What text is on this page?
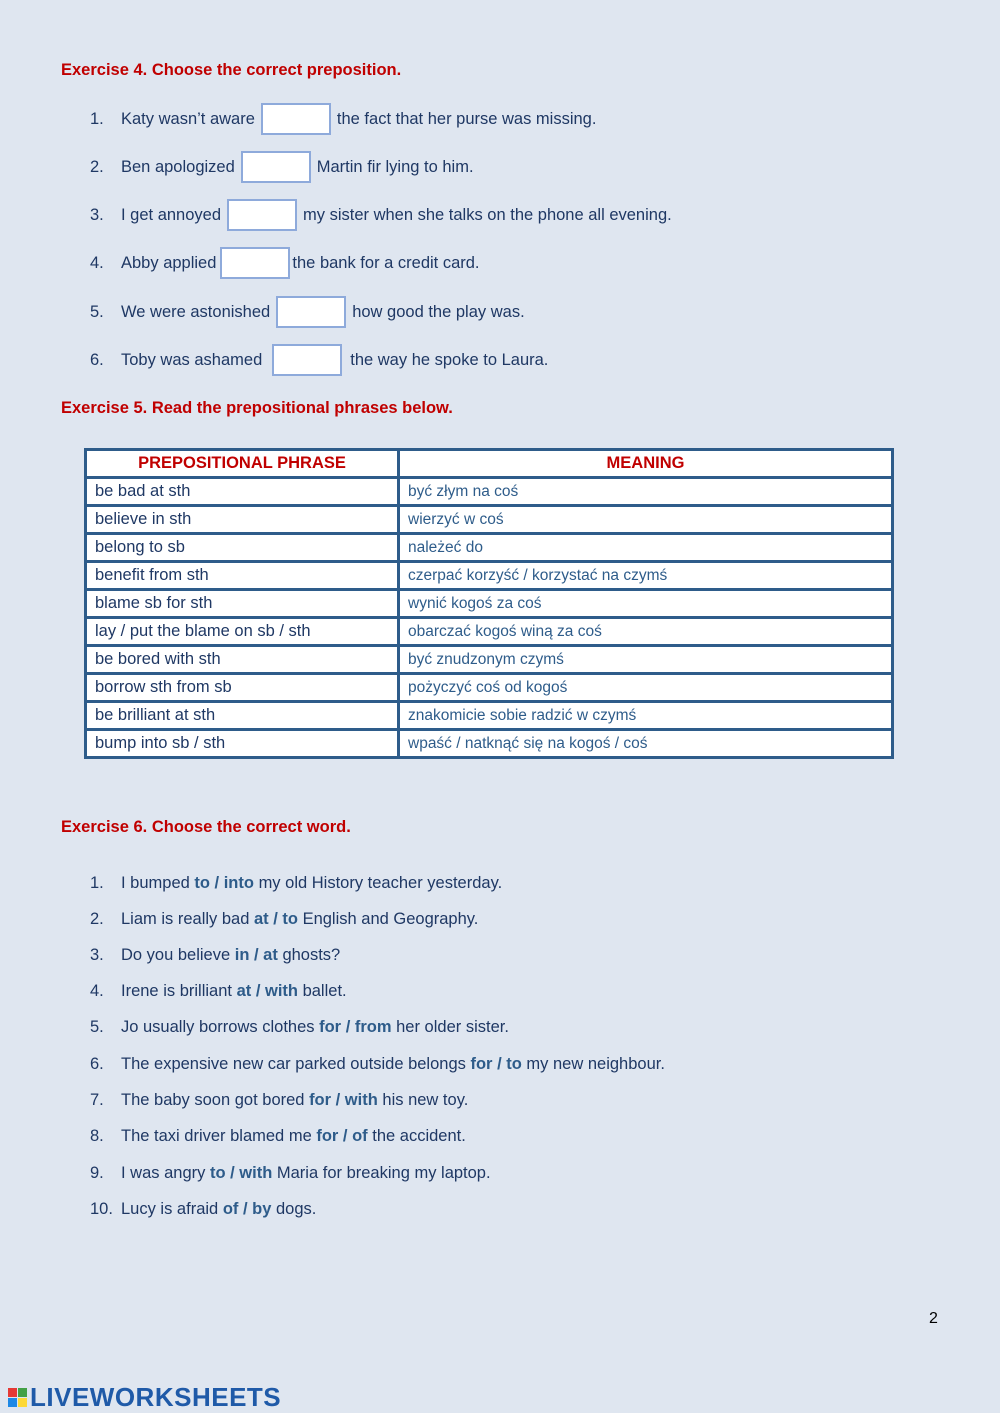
Exercise 4. Choose the correct preposition.
1.	Katy wasn’t aware	the fact that her purse was missing.
2.	Ben apologized	Martin fir lying to him.
3.	I get annoyed	my sister when she talks on the phone all evening.
4.	Abby applied	the bank for a credit card.
5.	We were astonished	how good the play was.
6.	Toby was ashamed	the way he spoke to Laura.
Exercise 5. Read the prepositional phrases below.
PREPOSITIONAL PHRASE	MEANING
be bad at sth	być złym na coś
believe in sth	wierzyć w coś
belong to sb	należeć do
benefit from sth	czerpać korzyść / korzystać na czymś
blame sb for sth	wynić kogoś za coś
lay / put the blame on sb / sth	obarczać kogoś winą za coś
be bored with sth	być znudzonym czymś
borrow sth from sb	pożyczyć coś od kogoś
be brilliant at sth	znakomicie sobie radzić w czymś
bump into sb / sth	wpaść / natknąć się na kogoś / coś
Exercise 6. Choose the correct word.
1. I bumped to / into my old History teacher yesterday.
2. Liam is really bad at / to English and Geography.
3. Do you believe in / at ghosts?
4. Irene is brilliant at / with ballet.
5. Jo usually borrows clothes for / from her older sister.
6. The expensive new car parked outside belongs for / to my new neighbour.
7. The baby soon got bored for / with his new toy.
8. The taxi driver blamed me for / of the accident.
9. I was angry to / with Maria for breaking my laptop.
10. Lucy is afraid of / by dogs.
2
LIVEWORKSHEETS
